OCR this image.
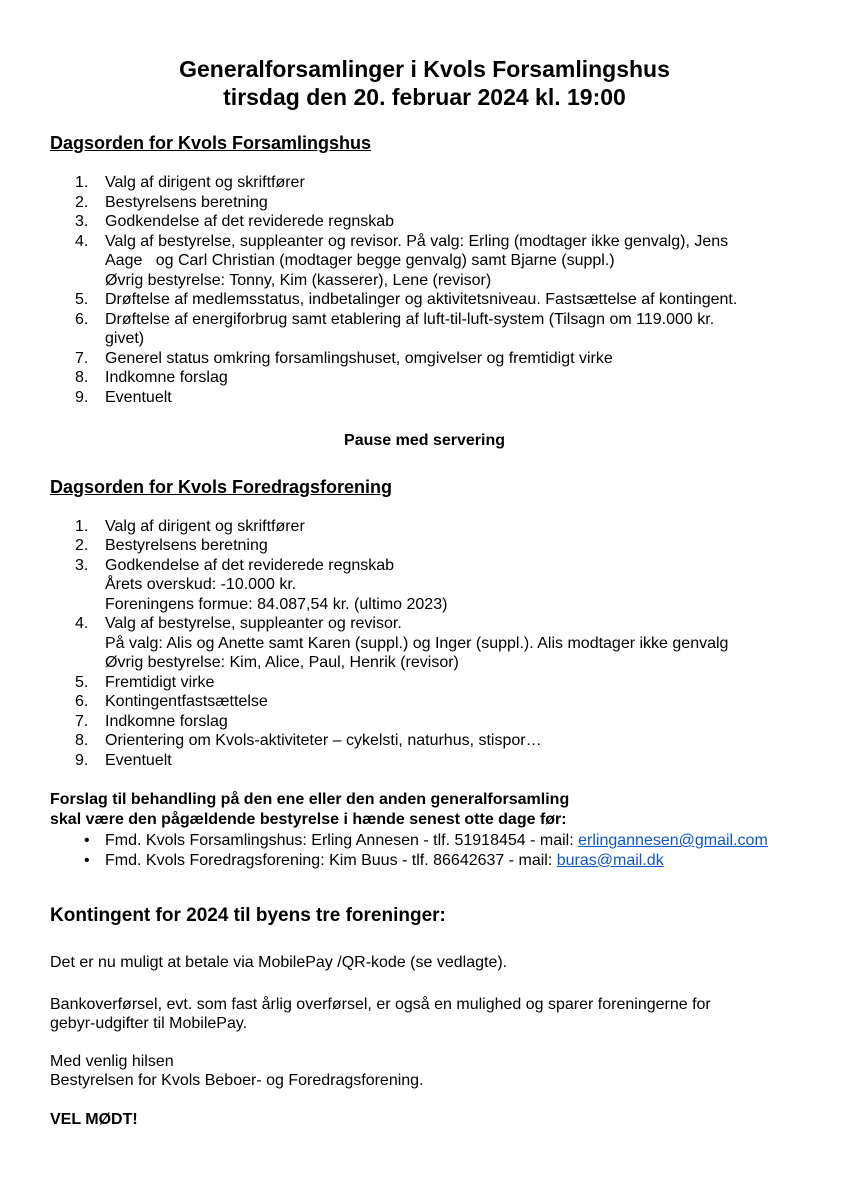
Generalforsamlinger i Kvols Forsamlingshus
tirsdag den 20. februar 2024 kl. 19:00
Dagsorden for Kvols Forsamlingshus
1.	Valg af dirigent og skriftfører
2.	Bestyrelsens beretning
3.	Godkendelse af det reviderede regnskab
4.	Valg af bestyrelse, suppleanter og revisor. På valg: Erling (modtager ikke genvalg), Jens
Aage   og Carl Christian (modtager begge genvalg) samt Bjarne (suppl.)
Øvrig bestyrelse: Tonny, Kim (kasserer), Lene (revisor)
5.	Drøftelse af medlemsstatus, indbetalinger og aktivitetsniveau. Fastsættelse af kontingent.
6.	Drøftelse af energiforbrug samt etablering af luft-til-luft-system (Tilsagn om 119.000 kr.
givet)
7.	Generel status omkring forsamlingshuset, omgivelser og fremtidigt virke
8.	Indkomne forslag
9.	Eventuelt
Pause med servering
Dagsorden for Kvols Foredragsforening
1.	Valg af dirigent og skriftfører
2.	Bestyrelsens beretning
3.	Godkendelse af det reviderede regnskab
Årets overskud: -10.000 kr.
Foreningens formue: 84.087,54 kr. (ultimo 2023)
4.	Valg af bestyrelse, suppleanter og revisor.
På valg: Alis og Anette samt Karen (suppl.) og Inger (suppl.). Alis modtager ikke genvalg
Øvrig bestyrelse: Kim, Alice, Paul, Henrik (revisor)
5.	Fremtidigt virke
6.	Kontingentfastsættelse
7.	Indkomne forslag
8.	Orientering om Kvols-aktiviteter – cykelsti, naturhus, stispor…
9.	Eventuelt
Forslag til behandling på den ene eller den anden generalforsamling
skal være den pågældende bestyrelse i hænde senest otte dage før:
• Fmd. Kvols Forsamlingshus: Erling Annesen - tlf. 51918454 - mail: erlingannesen@gmail.com
• Fmd. Kvols Foredragsforening: Kim Buus - tlf. 86642637 - mail: buras@mail.dk
Kontingent for 2024 til byens tre foreninger:
Det er nu muligt at betale via MobilePay /QR-kode (se vedlagte).
Bankoverførsel, evt. som fast årlig overførsel, er også en mulighed og sparer foreningerne for
gebyr-udgifter til MobilePay.
Med venlig hilsen
Bestyrelsen for Kvols Beboer- og Foredragsforening.
VEL MØDT!
